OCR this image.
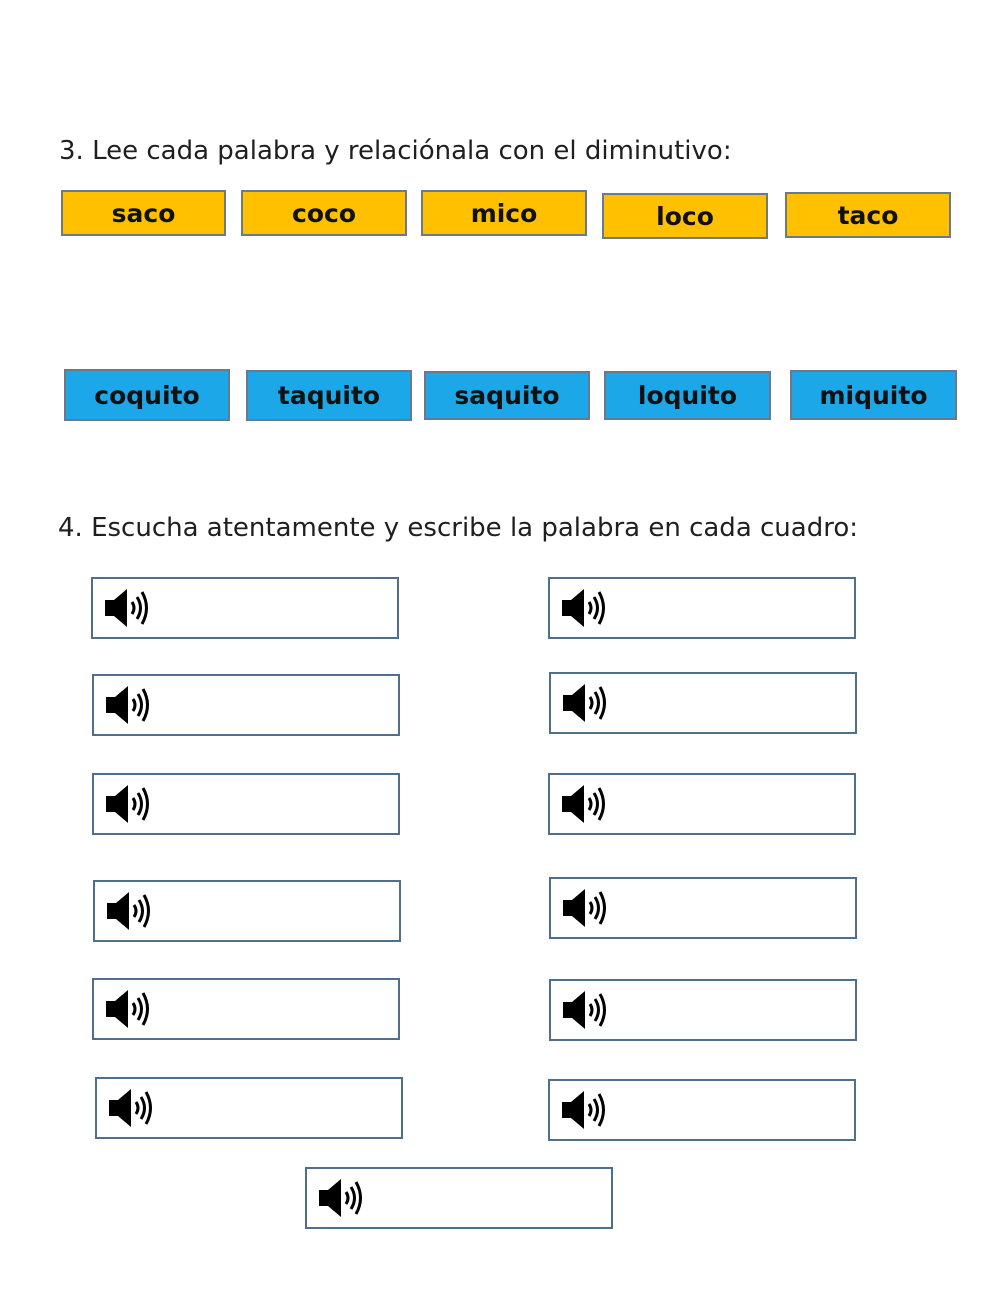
3. Lee cada palabra y relaciónala con el diminutivo:
saco	coco	mico	loco	taco
coquito	taquito	saquito	loquito	miquito
4. Escucha atentamente y escribe la palabra en cada cuadro:
